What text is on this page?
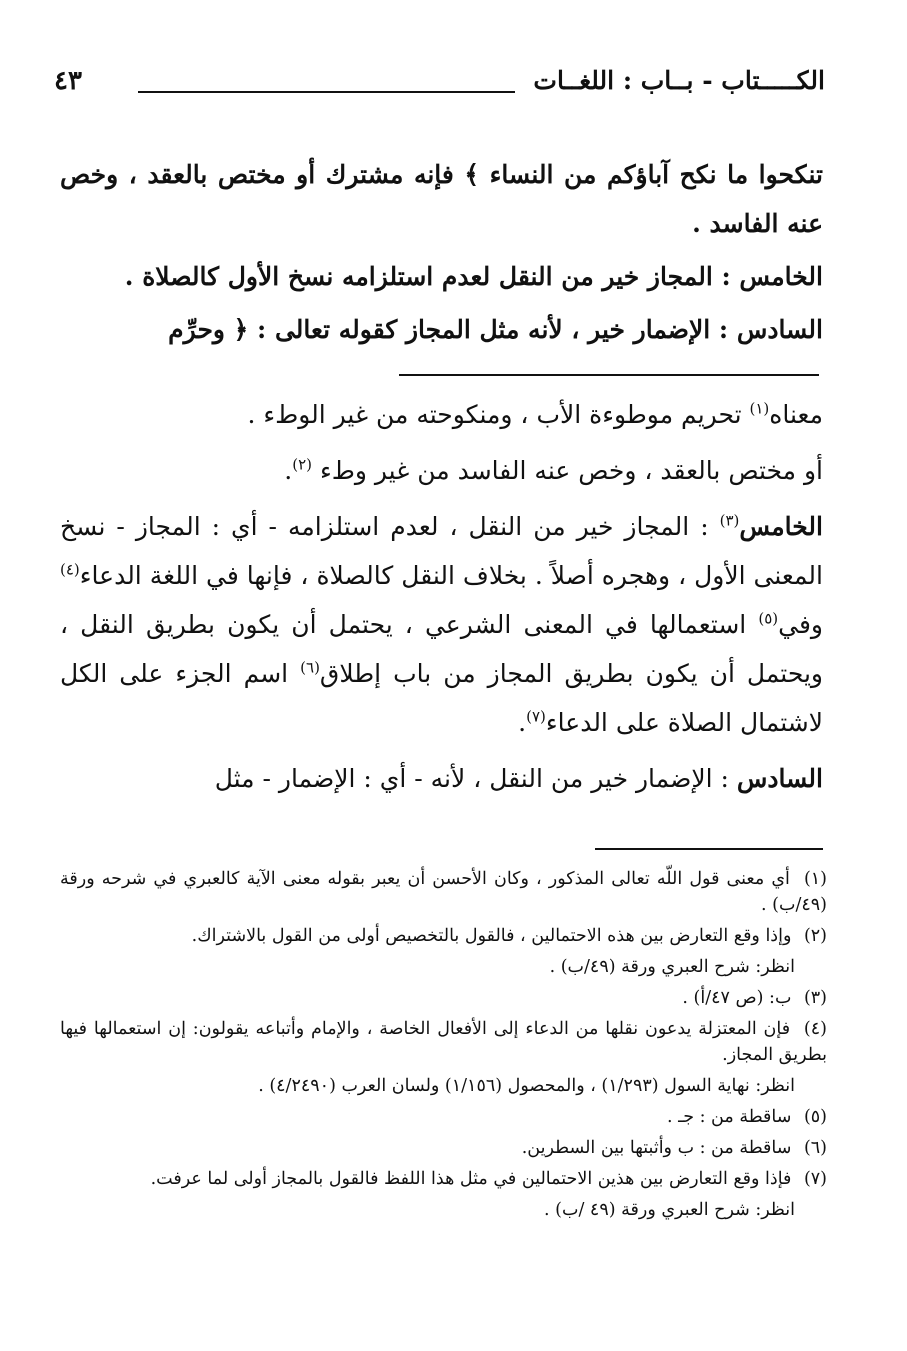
الكـــــتاب - بــاب : اللغــات
٤٣

تنكحوا ما نكح آباؤكم من النساء ﴾ فإنه مشترك أو مختص بالعقد ، وخص عنه الفاسد .

الخامس : المجاز خير من النقل لعدم استلزامه نسخ الأول كالصلاة .

السادس : الإضمار خير ، لأنه مثل المجاز كقوله تعالى : ﴿ وحرِّم

معناه$^{(١)}$ تحريم موطوءة الأب ، ومنكوحته من غير الوطء .

أو مختص بالعقد ، وخص عنه الفاسد من غير وطء $^{(٢)}$.

الخامس$^{(٣)}$ : المجاز خير من النقل ، لعدم استلزامه - أي : المجاز - نسخ المعنى الأول ، وهجره أصلاً . بخلاف النقل كالصلاة ، فإنها في اللغة الدعاء$^{(٤)}$ وفي$^{(٥)}$ استعمالها في المعنى الشرعي ، يحتمل أن يكون بطريق النقل ، ويحتمل أن يكون بطريق المجاز من باب إطلاق$^{(٦)}$ اسم الجزء على الكل لاشتمال الصلاة على الدعاء$^{(٧)}$.

السادس : الإضمار خير من النقل ، لأنه - أي : الإضمار - مثل

(١) أي معنى قول اللّه تعالى المذكور ، وكان الأحسن أن يعبر بقوله معنى الآية كالعبري في شرحه ورقة (٤٩/ب) .

(٢) وإذا وقع التعارض بين هذه الاحتمالين ، فالقول بالتخصيص أولى من القول بالاشتراك.

انظر: شرح العبري ورقة (٤٩/ب) .

(٣) ب: (ص ٤٧/أ) .

(٤) فإن المعتزلة يدعون نقلها من الدعاء إلى الأفعال الخاصة ، والإمام وأتباعه يقولون: إن استعمالها فيها بطريق المجاز.

انظر: نهاية السول (١/٢٩٣) ، والمحصول (١/١٥٦) ولسان العرب (٤/٢٤٩٠) .

(٥) ساقطة من : جـ .

(٦) ساقطة من : ب وأثبتها بين السطرين.

(٧) فإذا وقع التعارض بين هذين الاحتمالين في مثل هذا اللفظ فالقول بالمجاز أولى لما عرفت.

انظر: شرح العبري ورقة (٤٩ /ب) .
